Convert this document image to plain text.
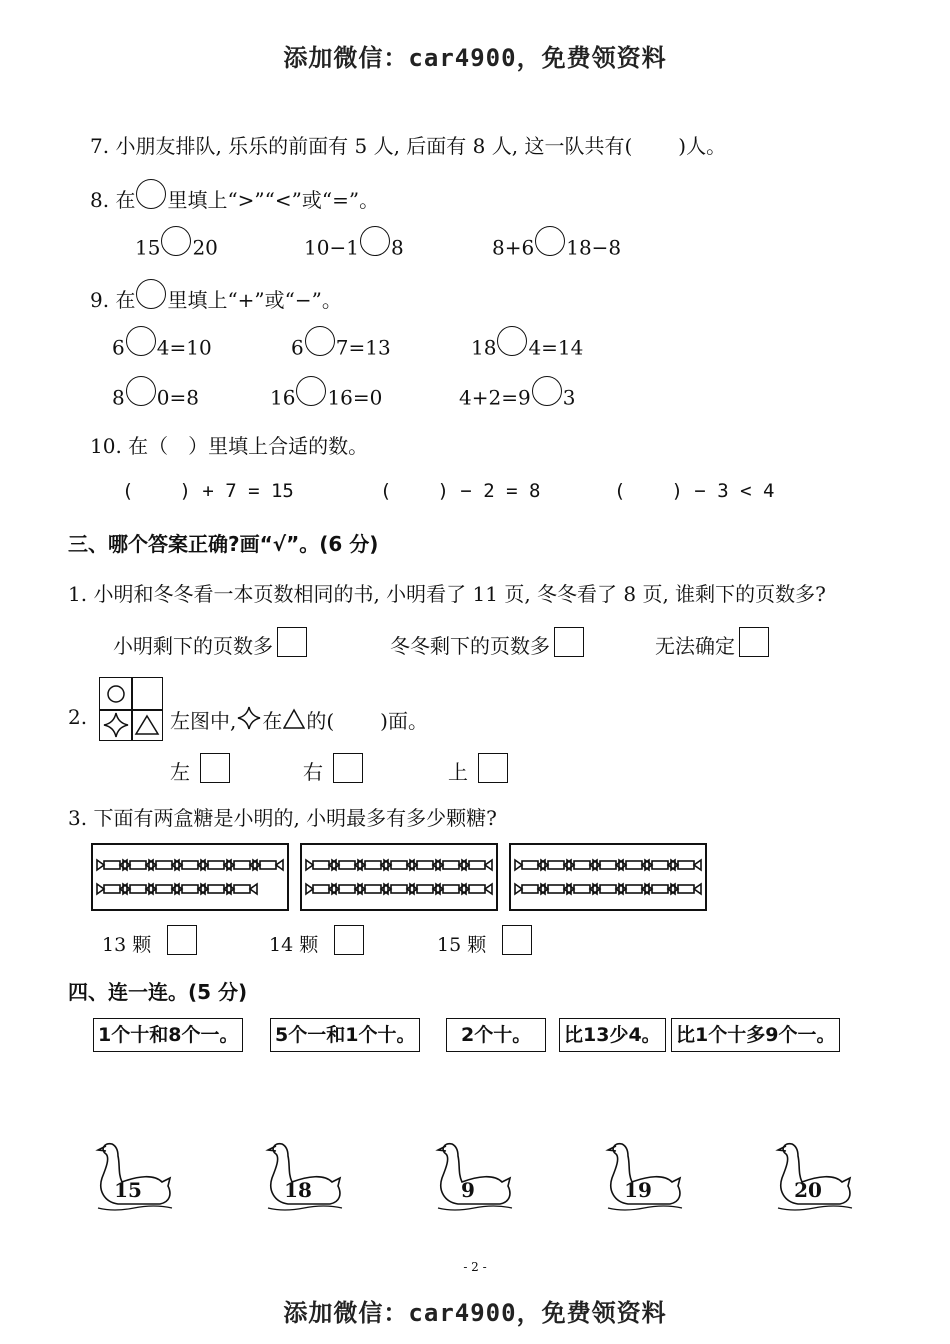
添加微信：car4900，免费领资料
7. 小朋友排队, 乐乐的前面有 5 人, 后面有 8 人, 这一队共有( )人。
8. 在 里填上“>”“<”或“=”。
15 20	10−1 8	8+6 18−8
9. 在 里填上“+”或“−”。
6 4=10	6 7=13	18 4=14
8 0=8	16 16=0	4+2=9 3
10. 在（　）里填上合适的数。
( ) + 7 = 15	( ) − 2 = 8	( ) − 3 < 4
三、哪个答案正确?画“√”。(6 分)
1. 小明和冬冬看一本页数相同的书, 小明看了 11 页, 冬冬看了 8 页, 谁剩下的页数多?
小明剩下的页数多	冬冬剩下的页数多	无法确定
2.	左图中, 在 的( )面。
左	右	上
3. 下面有两盒糖是小明的, 小明最多有多少颗糖?
13 颗	14 颗	15 颗
四、连一连。(5 分)
1个十和8个一。 5个一和1个十。	2个十。	比13少4。 比1个十多9个一。
15	18	9	19	20
- 2 -
添加微信：car4900，免费领资料
